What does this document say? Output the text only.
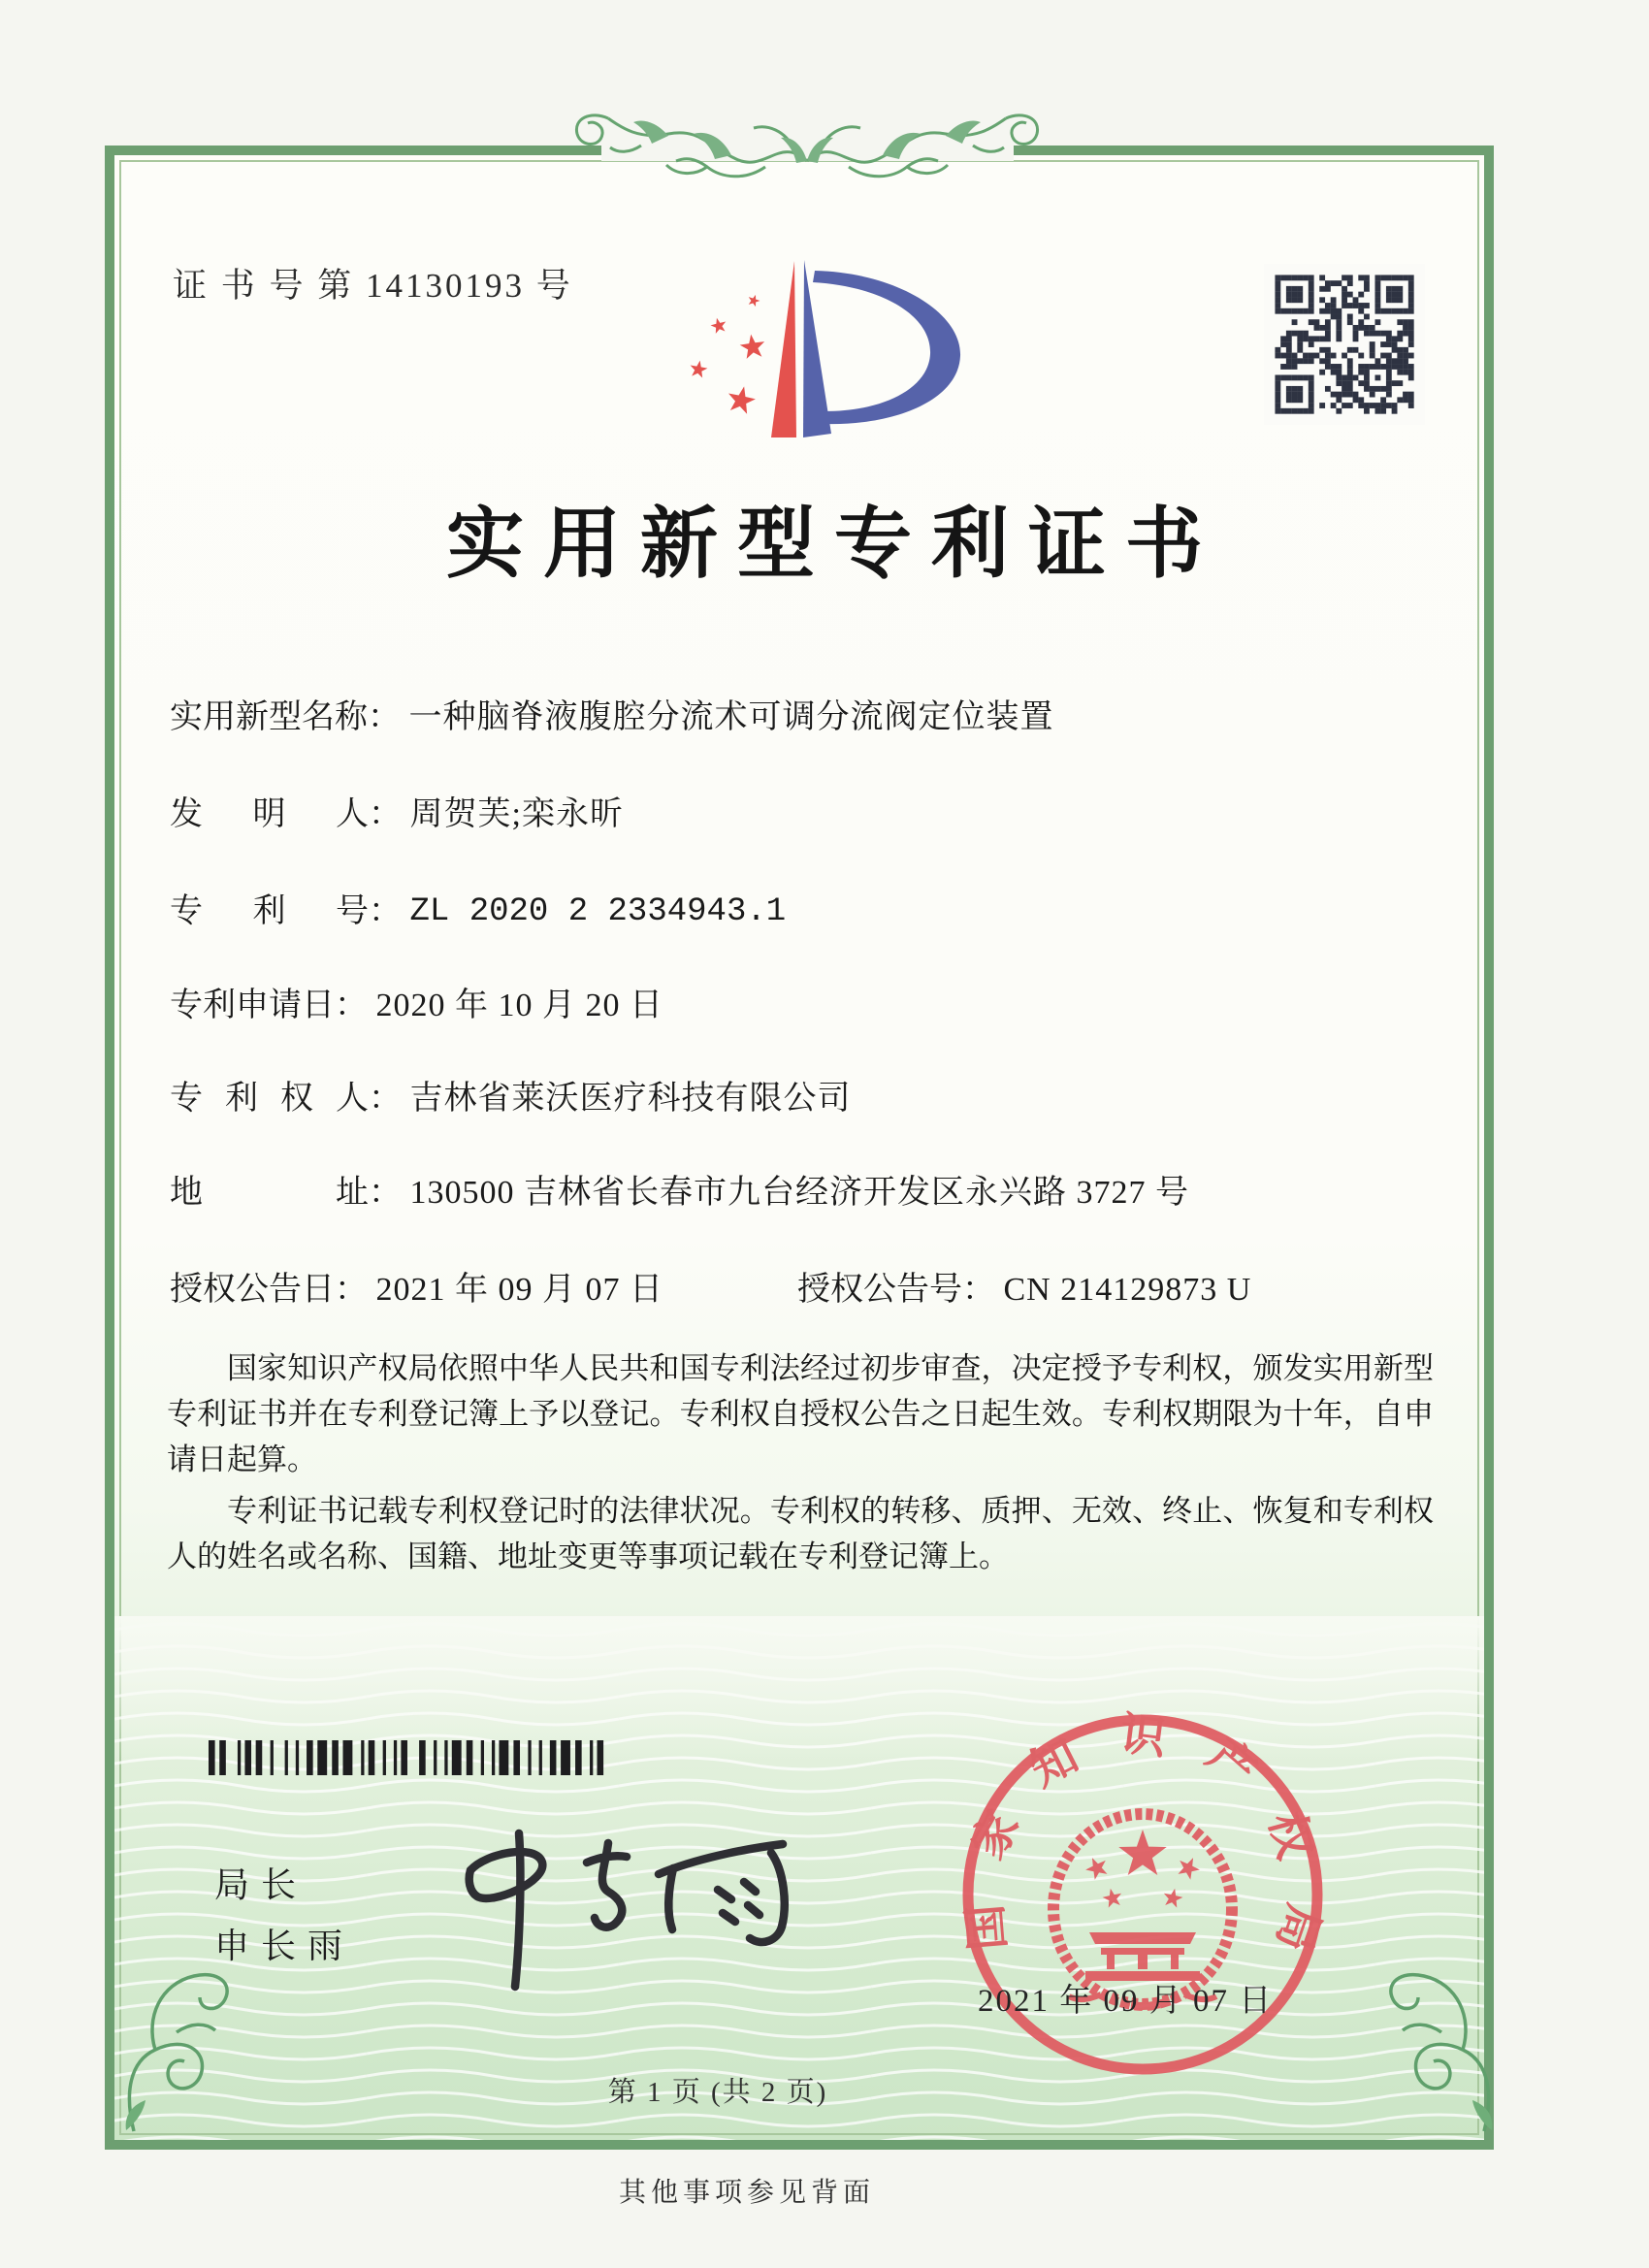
证 书 号 第 14130193 号
实用新型专利证书
实用新型名称： 一种脑脊液腹腔分流术可调分流阀定位装置
发明人： 周贺芙;栾永昕
专利号： ZL 2020 2 2334943.1
专利申请日： 2020 年 10 月 20 日
专利权人： 吉林省莱沃医疗科技有限公司
地址： 130500 吉林省长春市九台经济开发区永兴路 3727 号
授权公告日： 2021 年 09 月 07 日	授权公告号： CN 214129873 U

国家知识产权局依照中华人民共和国专利法经过初步审查，决定授予专利权，颁发实用新型专利证书并在专利登记簿上予以登记。专利权自授权公告之日起生效。专利权期限为十年，自申请日起算。

专利证书记载专利权登记时的法律状况。专利权的转移、质押、无效、终止、恢复和专利权人的姓名或名称、国籍、地址变更等事项记载在专利登记簿上。

局长
申长雨	国家知识产权局
2021 年 09 月 07 日
第 1 页 (共 2 页)
其他事项参见背面
